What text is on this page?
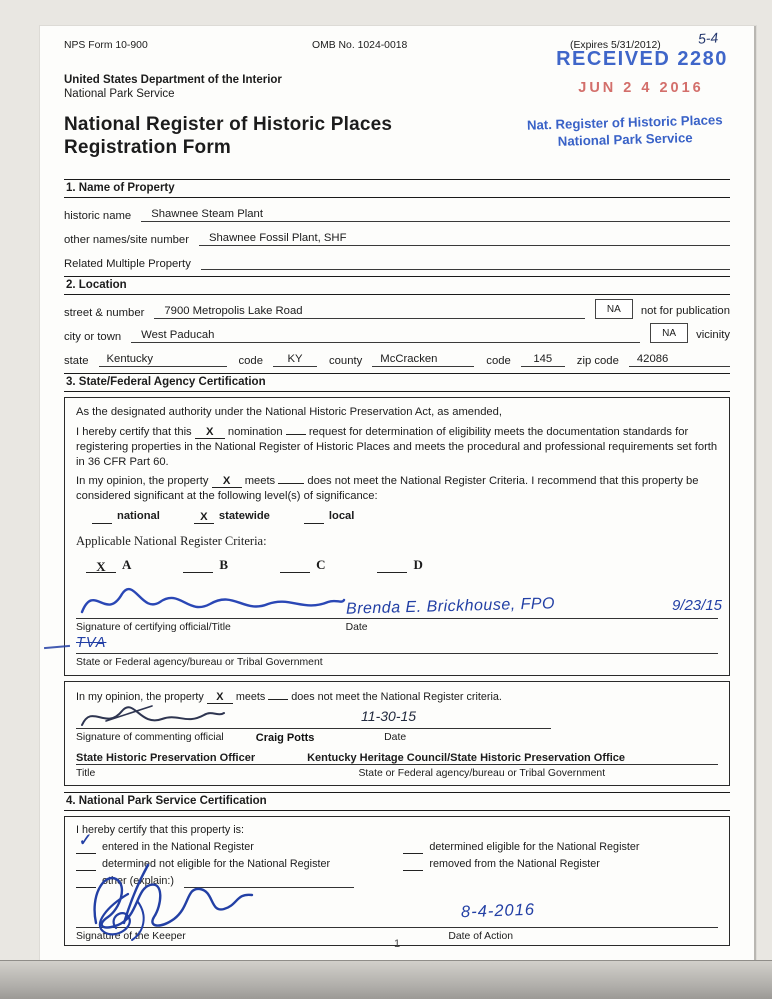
NPS Form 10-900	OMB No. 1024-0018	(Expires 5/31/2012)	5-4
RECEIVED 2280
JUN 2 4 2016
Nat. Register of Historic Places
National Park Service
United States Department of the Interior
National Park Service
National Register of Historic Places
Registration Form
1. Name of Property
historic name	Shawnee Steam Plant
other names/site number	Shawnee Fossil Plant, SHF
Related Multiple Property
2. Location
street & number	7900 Metropolis Lake Road	NA	not for publication
city or town	West Paducah	NA	vicinity
state	Kentucky	code	KY	county	McCracken	code	145	zip code	42086
3. State/Federal Agency Certification

As the designated authority under the National Historic Preservation Act, as amended,

I hereby certify that this X nomination request for determination of eligibility meets the documentation standards for registering properties in the National Register of Historic Places and meets the procedural and professional requirements set forth in 36 CFR Part 60.

In my opinion, the property X meets	does not meet the National Register Criteria. I recommend that this property be considered significant at the following level(s) of significance:

national	X	statewide	local
Applicable National Register Criteria:
X	A	B	C	D
Brenda E. Brickhouse, FPO	9/23/15
Signature of certifying official/Title	Date
TVA
State or Federal agency/bureau or Tribal Government

In my opinion, the property X meets does not meet the National Register criteria.

11-30-15
Signature of commenting official	Craig Potts	Date
State Historic Preservation Officer	Kentucky Heritage Council/State Historic Preservation Office
Title	State or Federal agency/bureau or Tribal Government
4. National Park Service Certification
I hereby certify that this property is:
✓ entered in the National Register	determined eligible for the National Register
determined not eligible for the National Register	removed from the National Register
other (explain:)
8-4-2016
Signature of the Keeper	Date of Action
1
